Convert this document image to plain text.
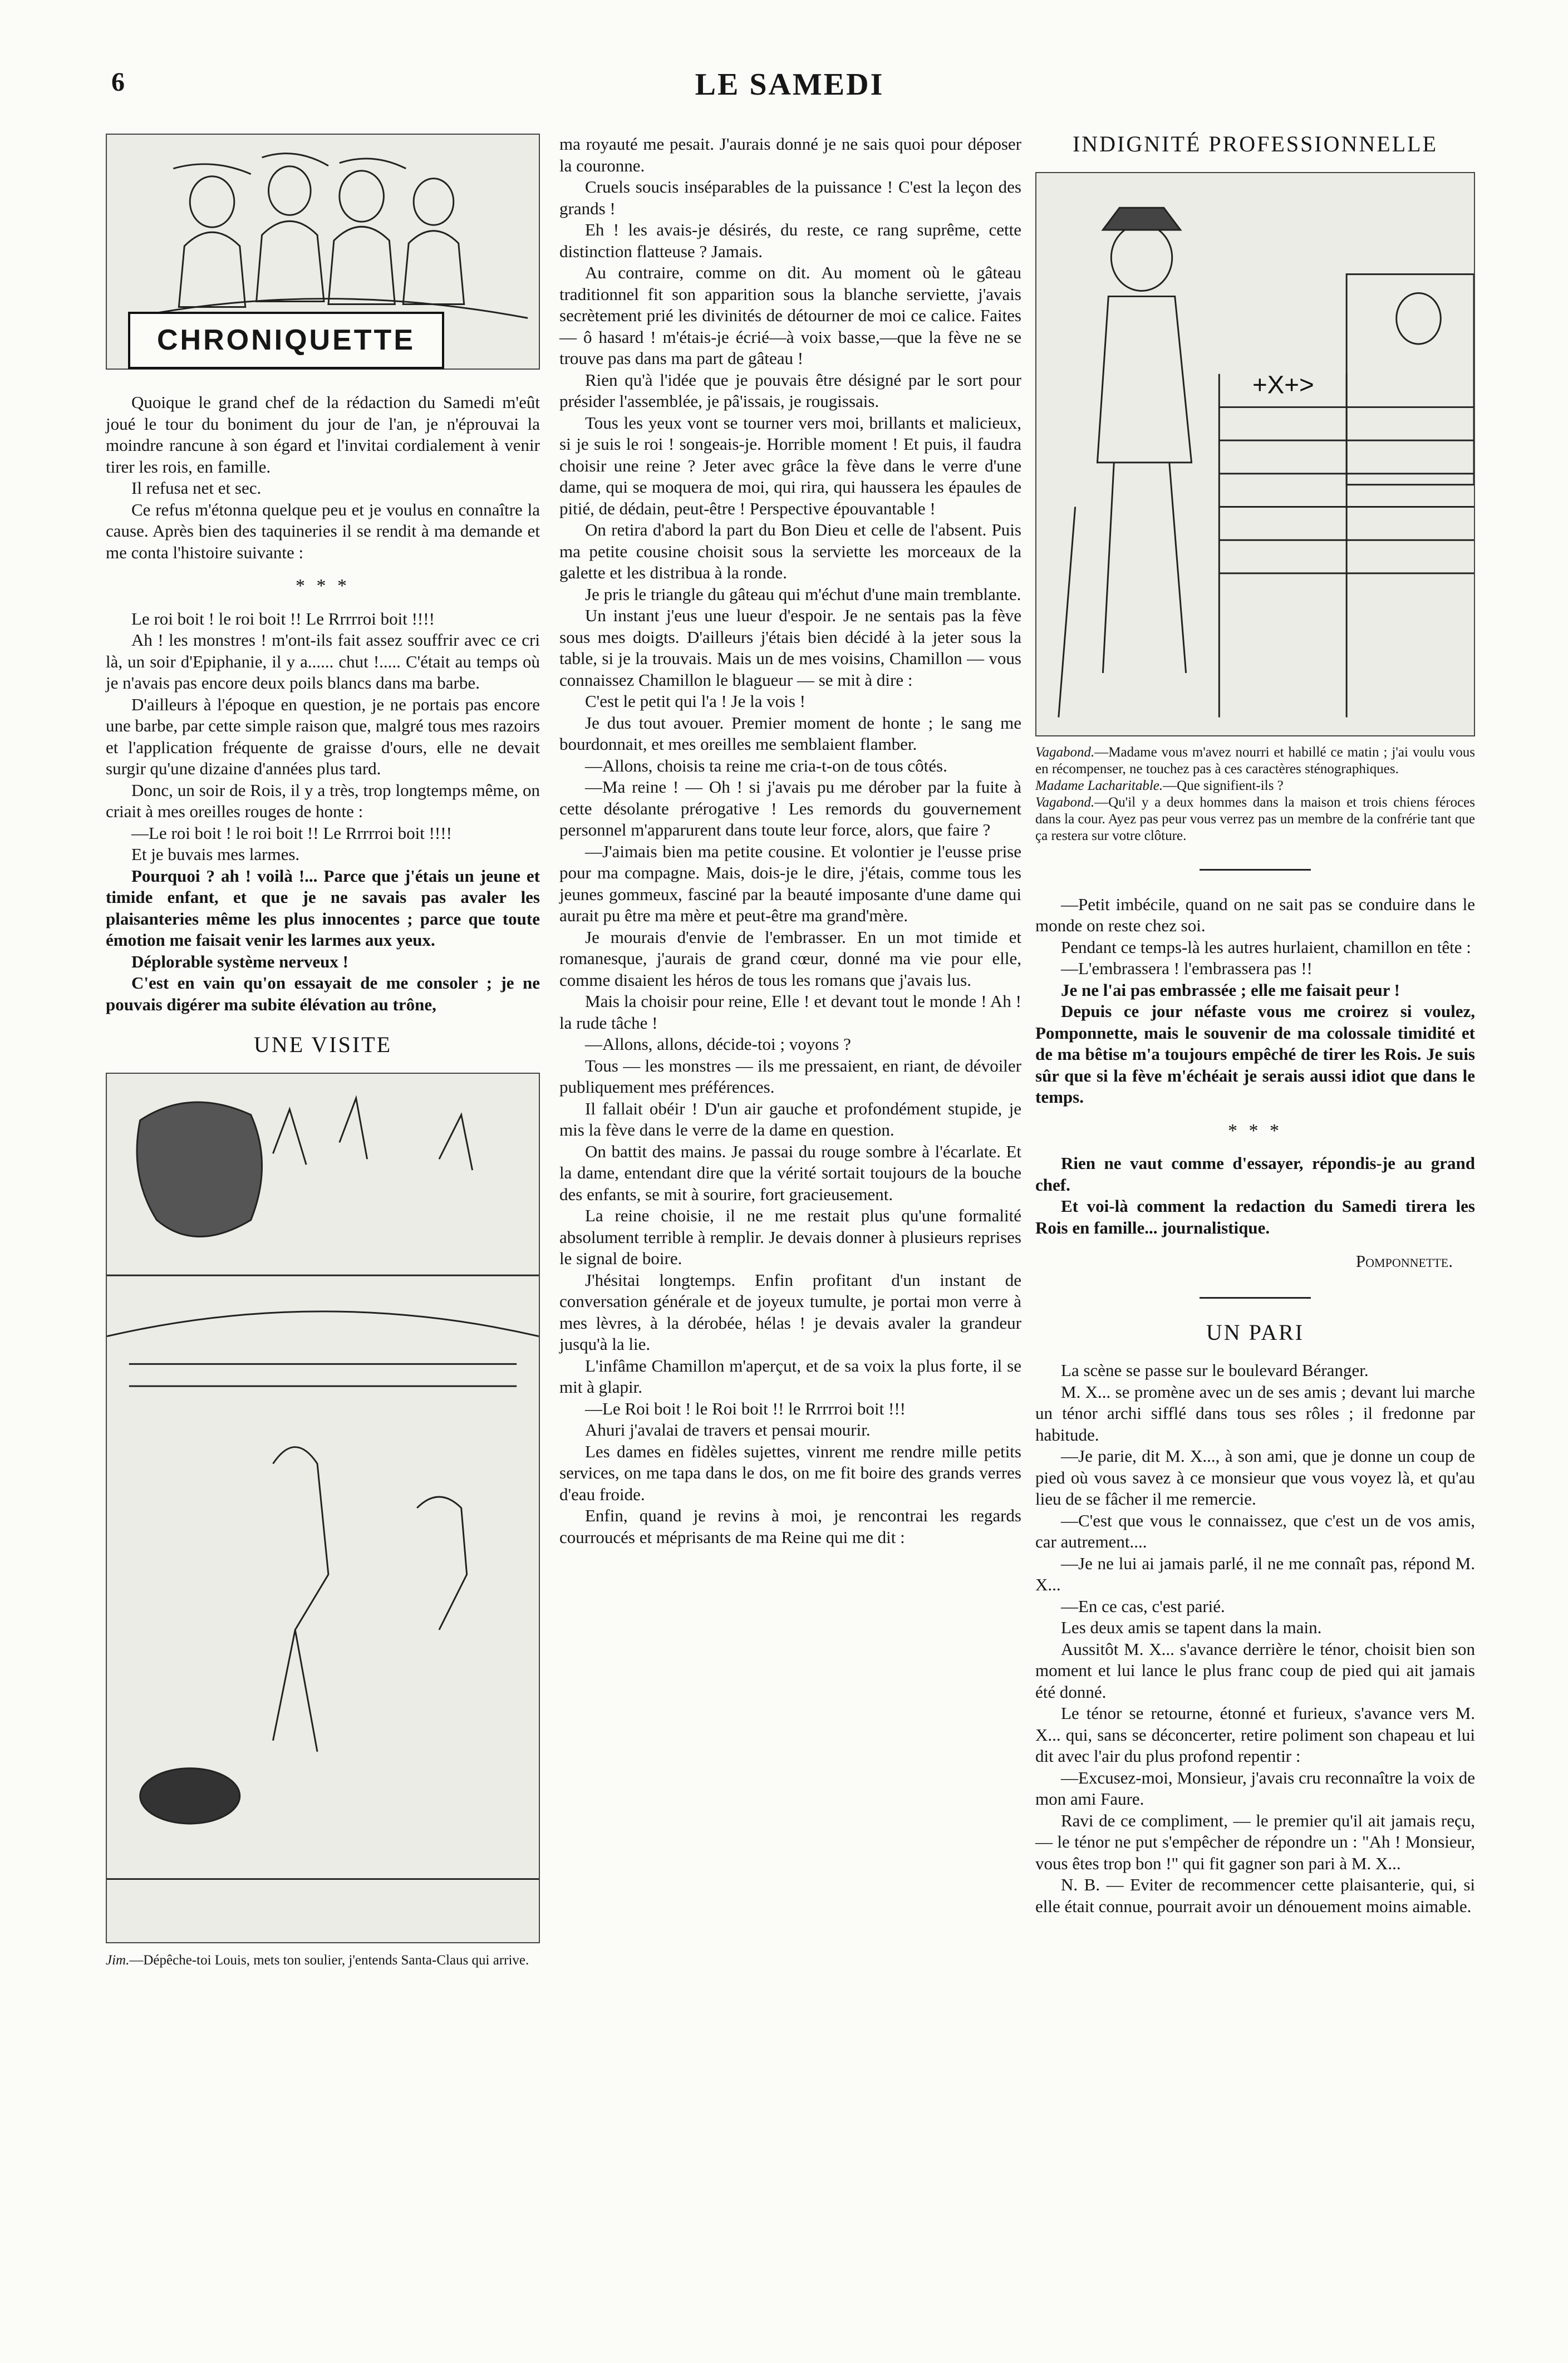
6	LE SAMEDI
CHRONIQUETTE

Quoique le grand chef de la rédaction du Samedi m'eût joué le tour du boniment du jour de l'an, je n'éprouvai la moindre rancune à son égard et l'invitai cordialement à venir tirer les rois, en famille.

Il refusa net et sec.

Ce refus m'étonna quelque peu et je voulus en connaître la cause. Après bien des taquineries il se rendit à ma demande et me conta l'histoire suivante :

* * *

Le roi boit ! le roi boit !! Le Rrrrroi boit !!!!

Ah ! les monstres ! m'ont-ils fait assez souffrir avec ce cri là, un soir d'Epiphanie, il y a...... chut !..... C'était au temps où je n'avais pas encore deux poils blancs dans ma barbe.

D'ailleurs à l'époque en question, je ne portais pas encore une barbe, par cette simple raison que, malgré tous mes razoirs et l'application fréquente de graisse d'ours, elle ne devait surgir qu'une dizaine d'années plus tard.

Donc, un soir de Rois, il y a très, trop longtemps même, on criait à mes oreilles rouges de honte :

—Le roi boit ! le roi boit !! Le Rrrrroi boit !!!!

Et je buvais mes larmes.

Pourquoi ? ah ! voilà !... Parce que j'étais un jeune et timide enfant, et que je ne savais pas avaler les plaisanteries même les plus innocentes ; parce que toute émotion me faisait venir les larmes aux yeux.

Déplorable système nerveux !

C'est en vain qu'on essayait de me consoler ; je ne pouvais digérer ma subite élévation au trône,

UNE VISITE

Jim.—Dépêche-toi Louis, mets ton soulier, j'entends Santa-Claus qui arrive.

ma royauté me pesait. J'aurais donné je ne sais quoi pour déposer la couronne.

Cruels soucis inséparables de la puissance ! C'est la leçon des grands !

Eh ! les avais-je désirés, du reste, ce rang suprême, cette distinction flatteuse ? Jamais.

Au contraire, comme on dit. Au moment où le gâteau traditionnel fit son apparition sous la blanche serviette, j'avais secrètement prié les divinités de détourner de moi ce calice. Faites — ô hasard ! m'étais-je écrié—à voix basse,—que la fève ne se trouve pas dans ma part de gâteau !

Rien qu'à l'idée que je pouvais être désigné par le sort pour présider l'assemblée, je pâ'issais, je rougissais.

Tous les yeux vont se tourner vers moi, brillants et malicieux, si je suis le roi ! songeais-je. Horrible moment ! Et puis, il faudra choisir une reine ? Jeter avec grâce la fève dans le verre d'une dame, qui se moquera de moi, qui rira, qui haussera les épaules de pitié, de dédain, peut-être ! Perspective épouvantable !

On retira d'abord la part du Bon Dieu et celle de l'absent. Puis ma petite cousine choisit sous la serviette les morceaux de la galette et les distribua à la ronde.

Je pris le triangle du gâteau qui m'échut d'une main tremblante.

Un instant j'eus une lueur d'espoir. Je ne sentais pas la fève sous mes doigts. D'ailleurs j'étais bien décidé à la jeter sous la table, si je la trouvais. Mais un de mes voisins, Chamillon — vous connaissez Chamillon le blagueur — se mit à dire :

C'est le petit qui l'a ! Je la vois !

Je dus tout avouer. Premier moment de honte ; le sang me bourdonnait, et mes oreilles me semblaient flamber.

—Allons, choisis ta reine me cria-t-on de tous côtés.

—Ma reine ! — Oh ! si j'avais pu me dérober par la fuite à cette désolante prérogative ! Les remords du gouvernement personnel m'apparurent dans toute leur force, alors, que faire ?

—J'aimais bien ma petite cousine. Et volontier je l'eusse prise pour ma compagne. Mais, dois-je le dire, j'étais, comme tous les jeunes gommeux, fasciné par la beauté imposante d'une dame qui aurait pu être ma mère et peut-être ma grand'mère.

Je mourais d'envie de l'embrasser. En un mot timide et romanesque, j'aurais de grand cœur, donné ma vie pour elle, comme disaient les héros de tous les romans que j'avais lus.

Mais la choisir pour reine, Elle ! et devant tout le monde ! Ah ! la rude tâche !

—Allons, allons, décide-toi ; voyons ?

Tous — les monstres — ils me pressaient, en riant, de dévoiler publiquement mes préférences.

Il fallait obéir ! D'un air gauche et profondément stupide, je mis la fève dans le verre de la dame en question.

On battit des mains. Je passai du rouge sombre à l'écarlate. Et la dame, entendant dire que la vérité sortait toujours de la bouche des enfants, se mit à sourire, fort gracieusement.

La reine choisie, il ne me restait plus qu'une formalité absolument terrible à remplir. Je devais donner à plusieurs reprises le signal de boire.

J'hésitai longtemps. Enfin profitant d'un instant de conversation générale et de joyeux tumulte, je portai mon verre à mes lèvres, à la dérobée, hélas ! je devais avaler la grandeur jusqu'à la lie.

L'infâme Chamillon m'aperçut, et de sa voix la plus forte, il se mit à glapir.

—Le Roi boit ! le Roi boit !! le Rrrrroi boit !!!

Ahuri j'avalai de travers et pensai mourir.

Les dames en fidèles sujettes, vinrent me rendre mille petits services, on me tapa dans le dos, on me fit boire des grands verres d'eau froide.

Enfin, quand je revins à moi, je rencontrai les regards courroucés et méprisants de ma Reine qui me dit :

INDIGNITÉ PROFESSIONNELLE
+X+>

Vagabond.—Madame vous m'avez nourri et habillé ce matin ; j'ai voulu vous en récompenser, ne touchez pas à ces caractères sténographiques.

Madame Lacharitable.—Que signifient-ils ?

Vagabond.—Qu'il y a deux hommes dans la maison et trois chiens féroces dans la cour. Ayez pas peur vous verrez pas un membre de la confrérie tant que ça restera sur votre clôture.

—Petit imbécile, quand on ne sait pas se conduire dans le monde on reste chez soi.

Pendant ce temps-là les autres hurlaient, chamillon en tête :

—L'embrassera ! l'embrassera pas !!

Je ne l'ai pas embrassée ; elle me faisait peur !

Depuis ce jour néfaste vous me croirez si voulez, Pomponnette, mais le souvenir de ma colossale timidité et de ma bêtise m'a toujours empêché de tirer les Rois. Je suis sûr que si la fève m'échéait je serais aussi idiot que dans le temps.

* * *

Rien ne vaut comme d'essayer, répondis-je au grand chef.

Et voi-là comment la redaction du Samedi tirera les Rois en famille... journalistique.

Pomponnette.
UN PARI

La scène se passe sur le boulevard Béranger.

M. X... se promène avec un de ses amis ; devant lui marche un ténor archi sifflé dans tous ses rôles ; il fredonne par habitude.

—Je parie, dit M. X..., à son ami, que je donne un coup de pied où vous savez à ce monsieur que vous voyez là, et qu'au lieu de se fâcher il me remercie.

—C'est que vous le connaissez, que c'est un de vos amis, car autrement....

—Je ne lui ai jamais parlé, il ne me connaît pas, répond M. X...

—En ce cas, c'est parié.

Les deux amis se tapent dans la main.

Aussitôt M. X... s'avance derrière le ténor, choisit bien son moment et lui lance le plus franc coup de pied qui ait jamais été donné.

Le ténor se retourne, étonné et furieux, s'avance vers M. X... qui, sans se déconcerter, retire poliment son chapeau et lui dit avec l'air du plus profond repentir :

—Excusez-moi, Monsieur, j'avais cru reconnaître la voix de mon ami Faure.

Ravi de ce compliment, — le premier qu'il ait jamais reçu, — le ténor ne put s'empêcher de répondre un : "Ah ! Monsieur, vous êtes trop bon !" qui fit gagner son pari à M. X...

N. B. — Eviter de recommencer cette plaisanterie, qui, si elle était connue, pourrait avoir un dénouement moins aimable.
